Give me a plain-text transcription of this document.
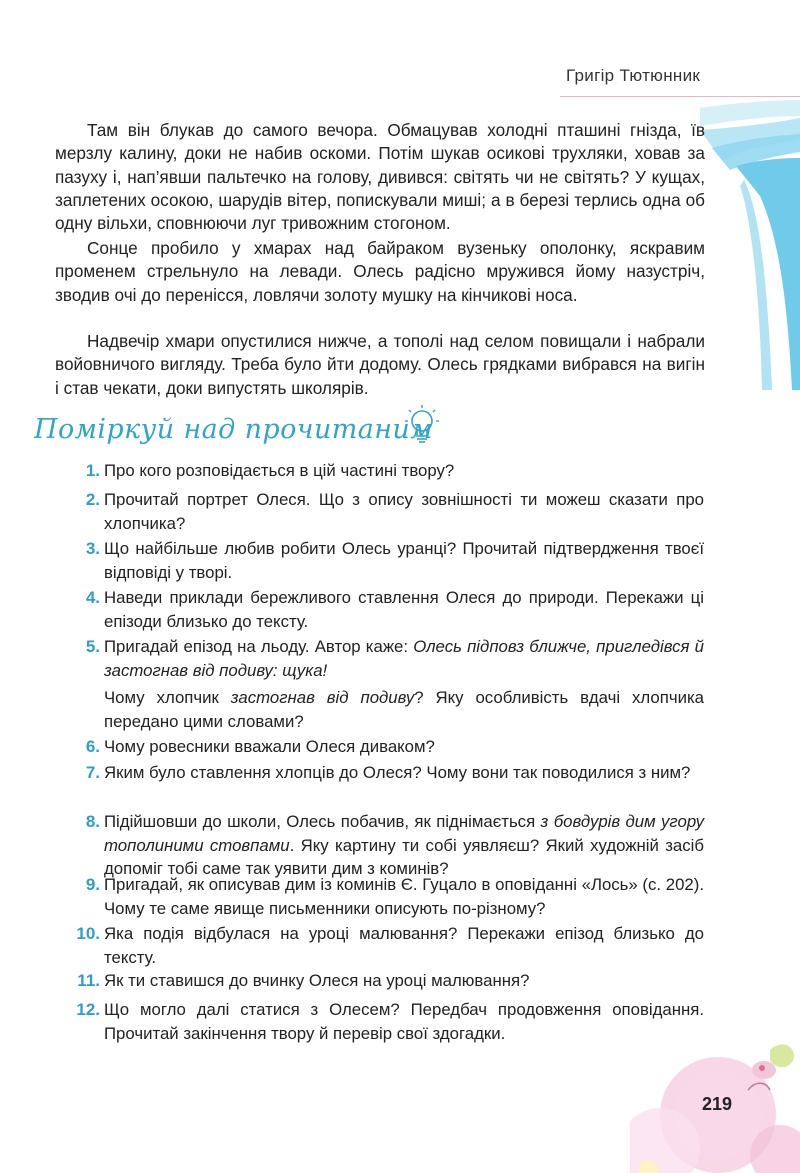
Григір Тютюнник

Там він блукав до самого вечора. Обмацував холодні пташині гнізда, їв мерзлу калину, доки не набив оскоми. Потім шукав осикові трухляки, ховав за пазуху і, нап’явши пальтечко на голову, дивився: світять чи не світять? У кущах, заплетених осокою, шарудів вітер, попискували миші; а в березі терлись одна об одну вільхи, сповнюючи луг тривожним стогоном.

Сонце пробило у хмарах над байраком вузеньку ополонку, яскравим променем стрельнуло на левади. Олесь радісно мружився йому назустріч, зводив очі до перенісся, ловлячи золоту мушку на кінчикові носа.

Надвечір хмари опустилися нижче, а тополі над селом повищали і набрали войовничого вигляду. Треба було йти додому. Олесь грядками вибрався на вигін і став чекати, доки випустять школярів.

Поміркуй над прочитаним
1. Про кого розповідається в цій частині твору?

2. Прочитай портрет Олеся. Що з опису зовнішності ти можеш сказати про хлопчика?

3. Що найбільше любив робити Олесь уранці? Прочитай підтвердження твоєї відповіді у творі.

4. Наведи приклади бережливого ставлення Олеся до природи. Перекажи ці епізоди близько до тексту.

5. Пригадай епізод на льоду. Автор каже: Олесь підповз ближче, пригледівся й застогнав від подиву: щука!

Чому хлопчик застогнав від подиву? Яку особливість вдачі хлопчика передано цими словами?

6. Чому ровесники вважали Олеся диваком?

7. Яким було ставлення хлопців до Олеся? Чому вони так поводилися з ним?

8. Підійшовши до школи, Олесь побачив, як піднімається з бовдурів дим угору тополиними стовпами. Яку картину ти собі уявляєш? Який художній засіб допоміг тобі саме так уявити дим з коминів?

9. Пригадай, як описував дим із коминів Є. Гуцало в оповіданні «Лось» (с. 202). Чому те саме явище письменники описують по-різному?

10. Яка подія відбулася на уроці малювання? Перекажи епізод близько до тексту.

11. Як ти ставишся до вчинку Олеся на уроці малювання?

12. Що могло далі статися з Олесем? Передбач продовження оповідання. Прочитай закінчення твору й перевір свої здогадки.

219
